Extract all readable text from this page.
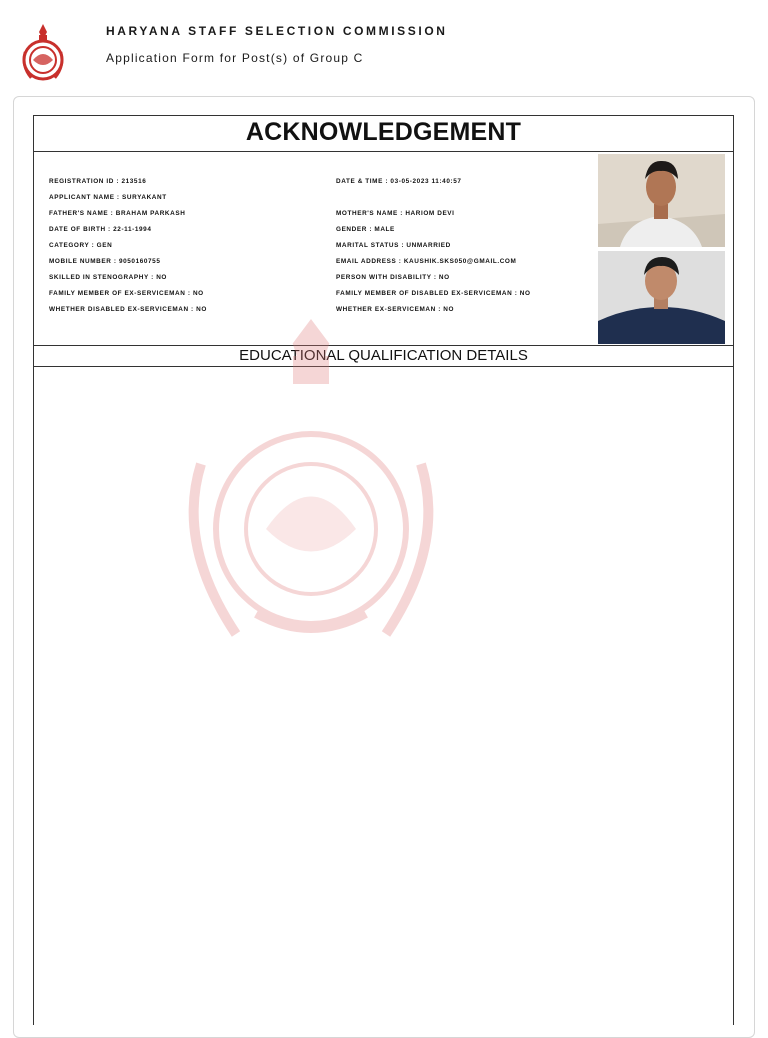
HARYANA STAFF SELECTION COMMISSION
Application Form for Post(s) of Group C
ACKNOWLEDGEMENT
REGISTRATION ID : 213516
APPLICANT NAME : SURYAKANT
FATHER'S NAME : BRAHAM PARKASH
DATE OF BIRTH : 22-11-1994
CATEGORY : GEN
MOBILE NUMBER : 9050160755
SKILLED IN STENOGRAPHY : NO
FAMILY MEMBER OF EX-SERVICEMAN : NO
WHETHER DISABLED EX-SERVICEMAN : NO
DATE & TIME : 03-05-2023 11:40:57
MOTHER'S NAME : HARIOM DEVI
GENDER : MALE
MARITAL STATUS : UNMARRIED
EMAIL ADDRESS : KAUSHIK.SKS050@GMAIL.COM
PERSON WITH DISABILITY : NO
FAMILY MEMBER OF DISABLED EX-SERVICEMAN : NO
WHETHER EX-SERVICEMAN : NO
EDUCATIONAL QUALIFICATION DETAILS
